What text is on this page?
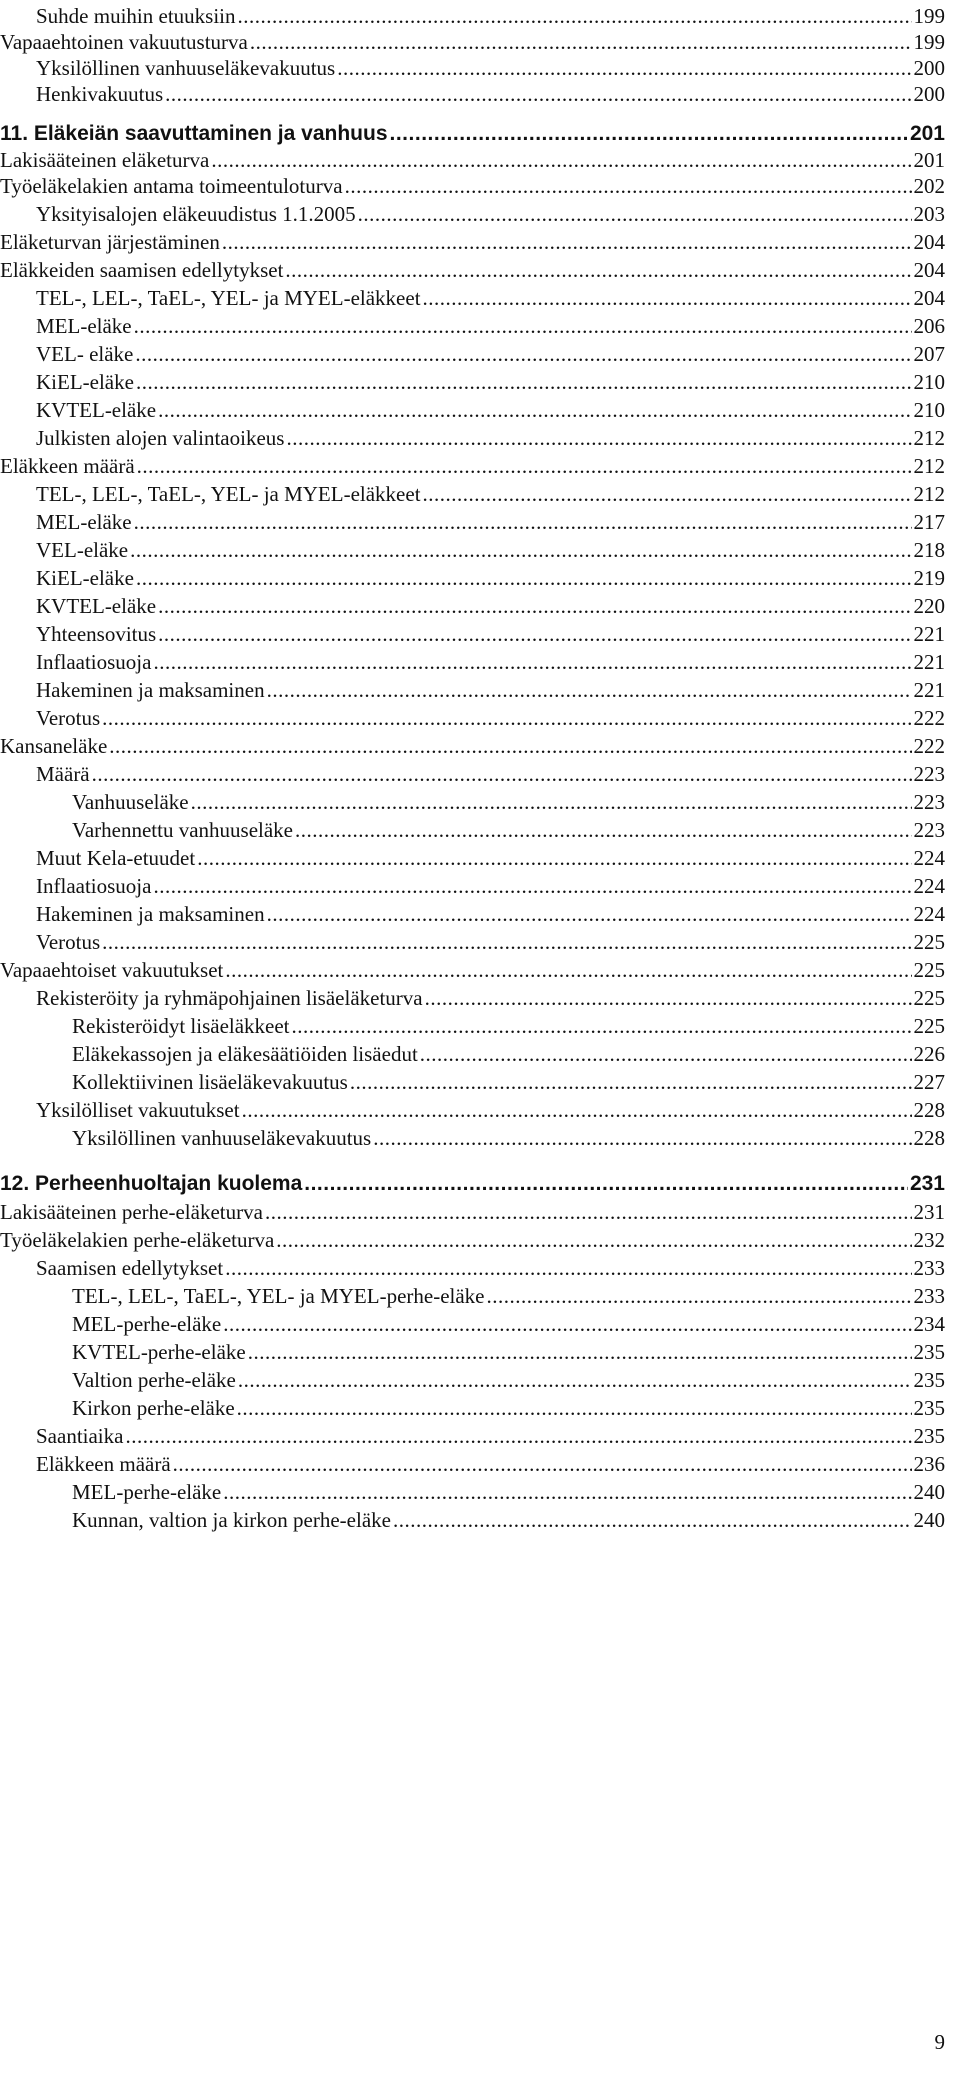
Suhde muihin etuuksiin .....	199
Vapaaehtoinen vakuutusturva .....	199
Yksilöllinen vanhuuseläkevakuutus .....	200
Henkivakuutus .....	200
11. Eläkeiän saavuttaminen ja vanhuus .....	201
Lakisääteinen eläketurva .....	201
Työeläkelakien antama toimeentuloturva .....	202
Yksityisalojen eläkeuudistus 1.1.2005 .....	203
Eläketurvan järjestäminen .....	204
Eläkkeiden saamisen edellytykset .....	204
TEL-, LEL-, TaEL-, YEL- ja MYEL-eläkkeet .....	204
MEL-eläke .....	206
VEL- eläke .....	207
KiEL-eläke .....	210
KVTEL-eläke .....	210
Julkisten alojen valintaoikeus .....	212
Eläkkeen määrä .....	212
TEL-, LEL-, TaEL-, YEL- ja MYEL-eläkkeet .....	212
MEL-eläke .....	217
VEL-eläke .....	218
KiEL-eläke .....	219
KVTEL-eläke .....	220
Yhteensovitus .....	221
Inflaatiosuoja .....	221
Hakeminen ja maksaminen .....	221
Verotus .....	222
Kansaneläke .....	222
Määrä .....	223
Vanhuuseläke .....	223
Varhennettu vanhuuseläke .....	223
Muut Kela-etuudet .....	224
Inflaatiosuoja .....	224
Hakeminen ja maksaminen .....	224
Verotus .....	225
Vapaaehtoiset vakuutukset .....	225
Rekisteröity ja ryhmäpohjainen lisäeläketurva .....	225
Rekisteröidyt lisäeläkkeet .....	225
Eläkekassojen ja eläkesäätiöiden lisäedut .....	226
Kollektiivinen lisäeläkevakuutus .....	227
Yksilölliset vakuutukset .....	228
Yksilöllinen vanhuuseläkevakuutus .....	228
12. Perheenhuoltajan kuolema .....	231
Lakisääteinen perhe-eläketurva .....	231
Työeläkelakien perhe-eläketurva .....	232
Saamisen edellytykset .....	233
TEL-, LEL-, TaEL-, YEL- ja MYEL-perhe-eläke .....	233
MEL-perhe-eläke .....	234
KVTEL-perhe-eläke .....	235
Valtion perhe-eläke .....	235
Kirkon perhe-eläke .....	235
Saantiaika .....	235
Eläkkeen määrä .....	236
MEL-perhe-eläke .....	240
Kunnan, valtion ja kirkon perhe-eläke .....	240
9
